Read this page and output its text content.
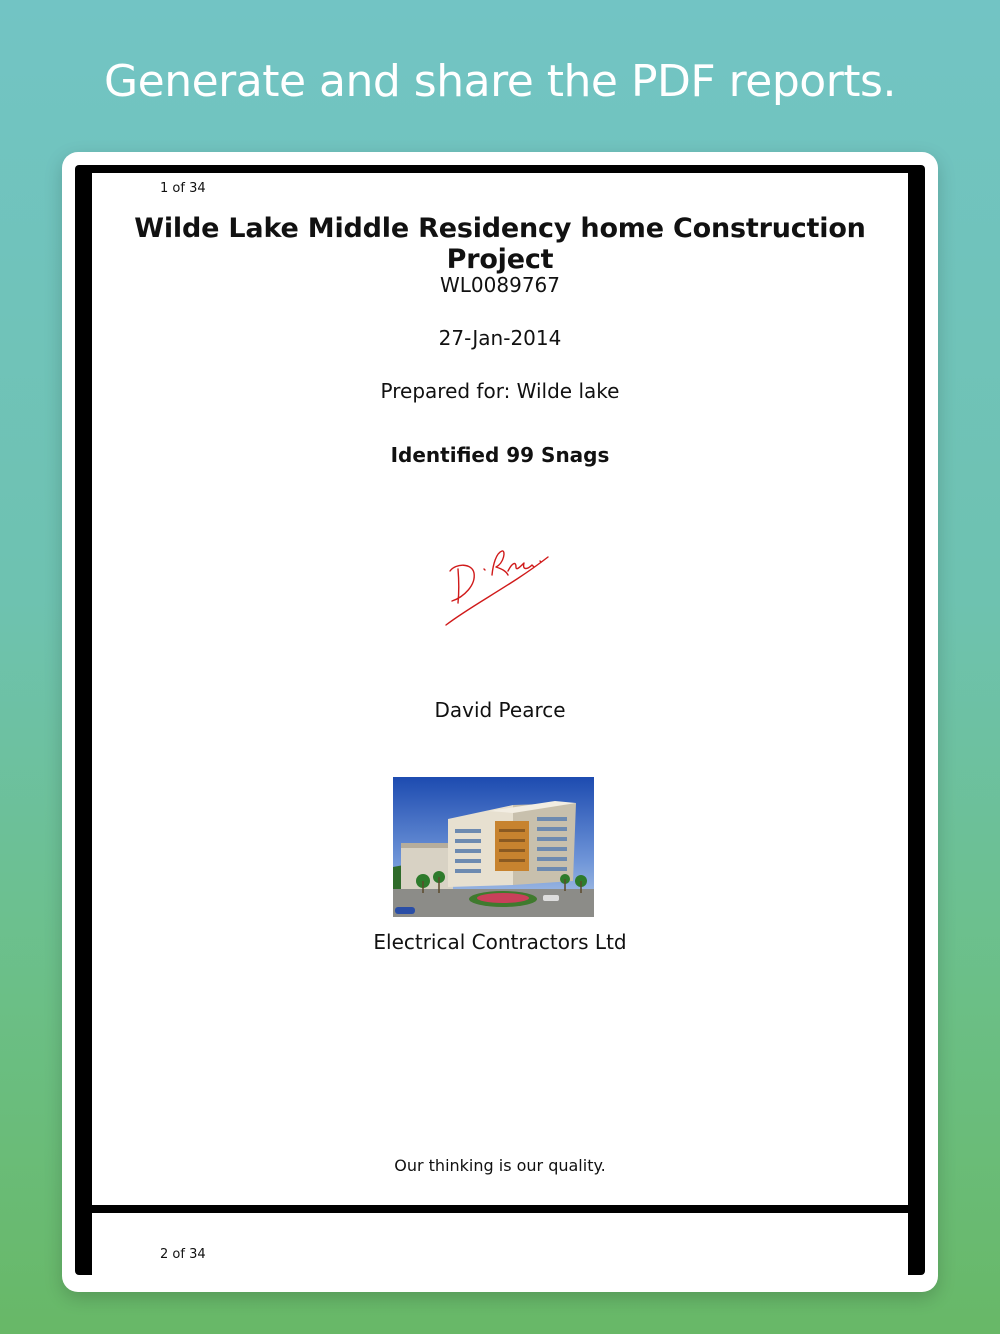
Generate and share the PDF reports.
1 of 34
Wilde Lake Middle Residency home Construction Project
WL0089767
27-Jan-2014
Prepared for: Wilde lake
Identified 99 Snags
David Pearce
Electrical Contractors Ltd
Our thinking is our quality.
2 of 34
